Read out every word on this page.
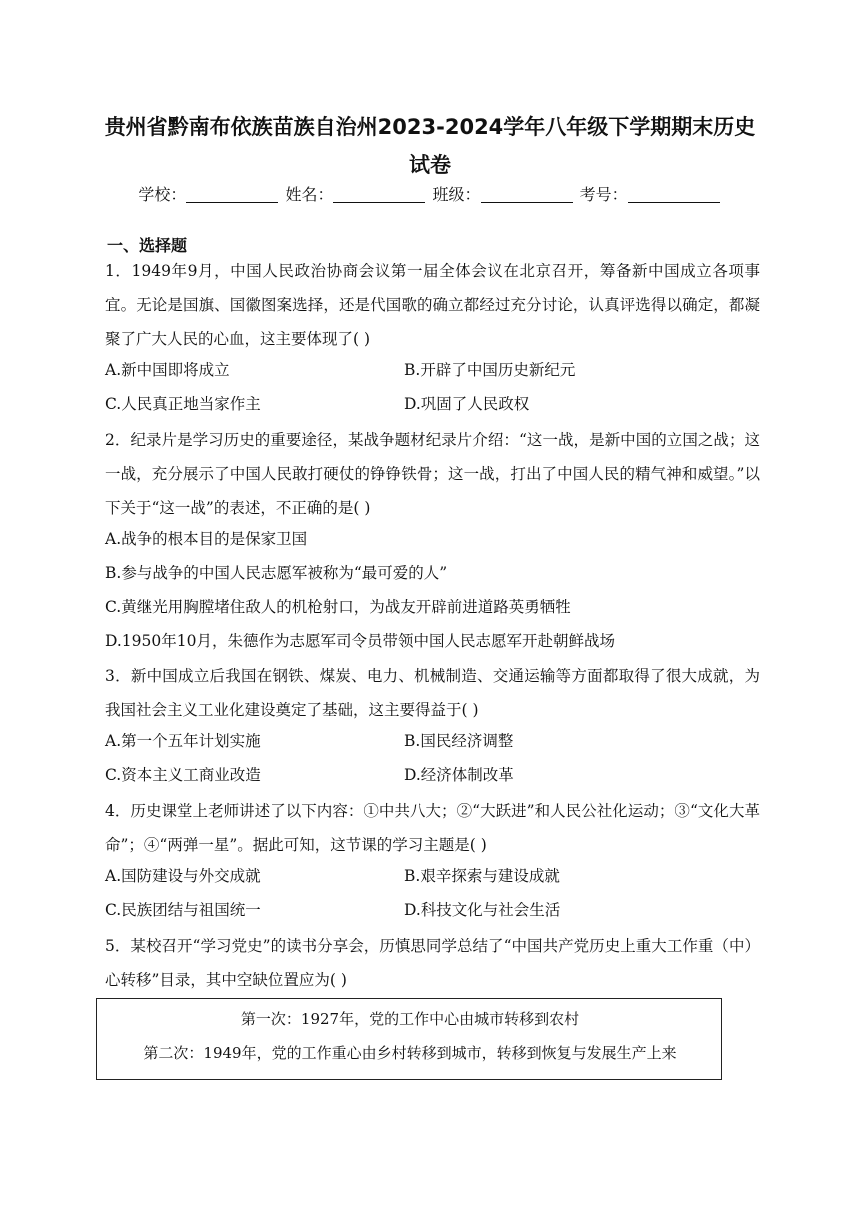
贵州省黔南布依族苗族自治州2023-2024学年八年级下学期期末历史
试卷
学校：	姓名：	班级：	考号：
一、选择题
1．1949年9月，中国人民政治协商会议第一届全体会议在北京召开，筹备新中国成立各项事宜。无论是国旗、国徽图案选择，还是代国歌的确立都经过充分讨论，认真评选得以确定，都凝聚了广大人民的心血，这主要体现了( )
A.新中国即将成立	B.开辟了中国历史新纪元
C.人民真正地当家作主	D.巩固了人民政权
2．纪录片是学习历史的重要途径，某战争题材纪录片介绍：“这一战，是新中国的立国之战；这一战，充分展示了中国人民敢打硬仗的铮铮铁骨；这一战，打出了中国人民的精气神和威望。”以下关于“这一战”的表述，不正确的是( )
A.战争的根本目的是保家卫国
B.参与战争的中国人民志愿军被称为“最可爱的人”
C.黄继光用胸膛堵住敌人的机枪射口，为战友开辟前进道路英勇牺牲
D.1950年10月，朱德作为志愿军司令员带领中国人民志愿军开赴朝鲜战场
3．新中国成立后我国在钢铁、煤炭、电力、机械制造、交通运输等方面都取得了很大成就，为我国社会主义工业化建设奠定了基础，这主要得益于( )
A.第一个五年计划实施	B.国民经济调整
C.资本主义工商业改造	D.经济体制改革
4．历史课堂上老师讲述了以下内容：①中共八大；②“大跃进”和人民公社化运动；③“文化大革命”；④“两弹一星”。据此可知，这节课的学习主题是( )
A.国防建设与外交成就	B.艰辛探索与建设成就
C.民族团结与祖国统一	D.科技文化与社会生活
5．某校召开“学习党史”的读书分享会，历慎思同学总结了“中国共产党历史上重大工作重（中）心转移”目录，其中空缺位置应为( )
第一次：1927年，党的工作中心由城市转移到农村
第二次：1949年，党的工作重心由乡村转移到城市，转移到恢复与发展生产上来
